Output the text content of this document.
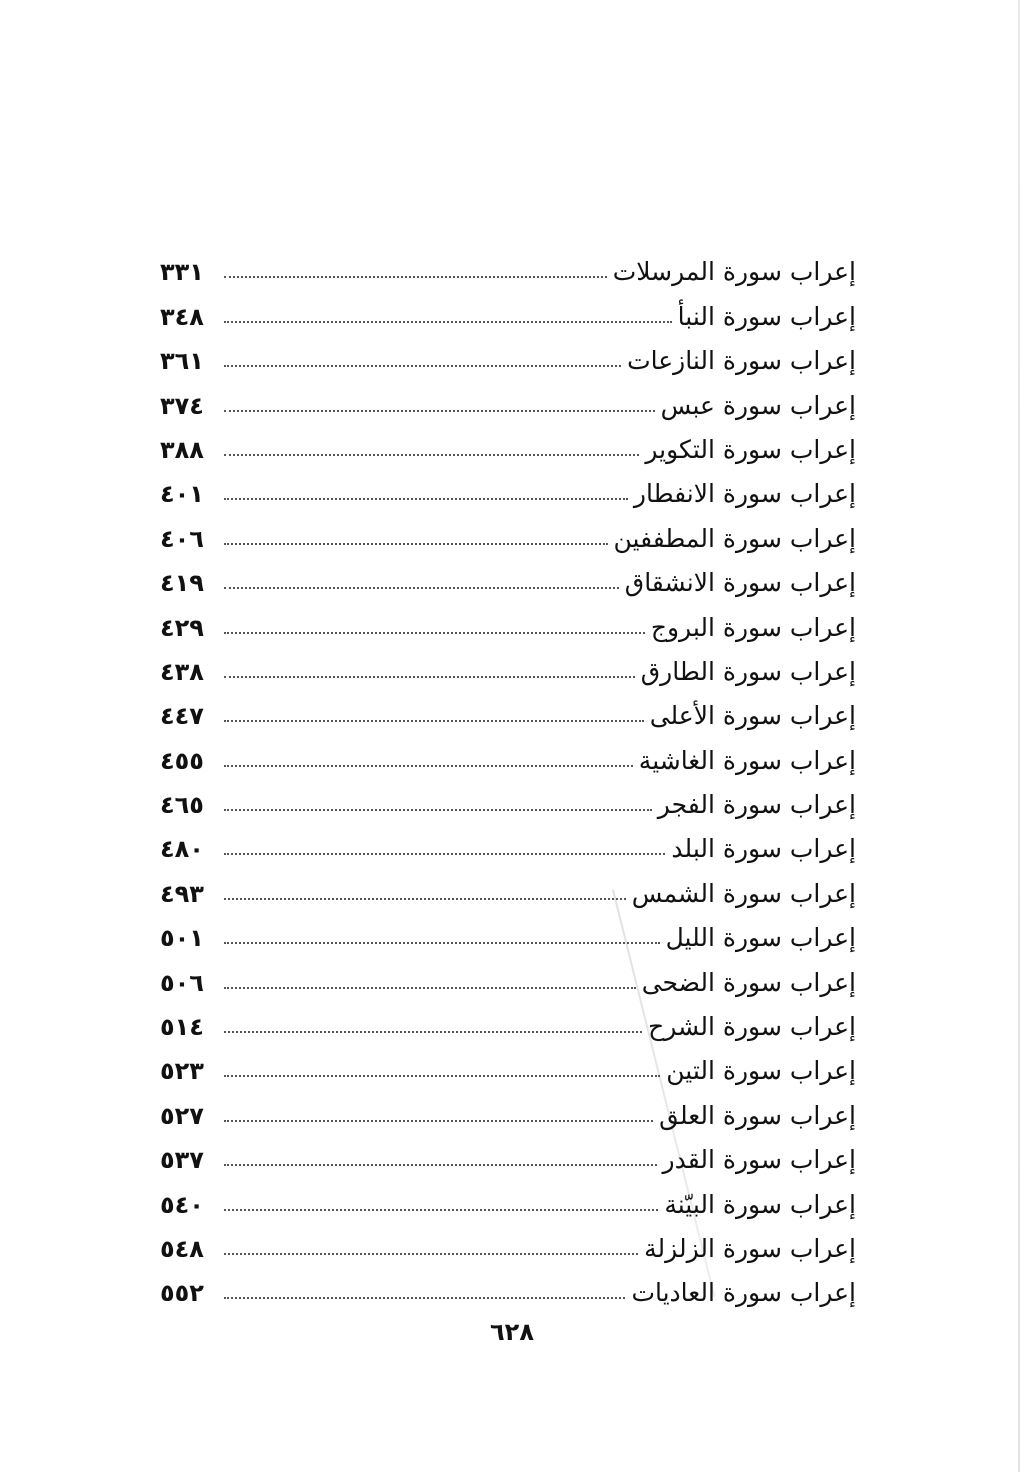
إعراب سورة المرسلات
٣٣١
إعراب سورة النبأ
٣٤٨
إعراب سورة النازعات
٣٦١
إعراب سورة عبس
٣٧٤
إعراب سورة التكوير
٣٨٨
إعراب سورة الانفطار
٤٠١
إعراب سورة المطففين
٤٠٦
إعراب سورة الانشقاق
٤١٩
إعراب سورة البروج
٤٢٩
إعراب سورة الطارق
٤٣٨
إعراب سورة الأعلى
٤٤٧
إعراب سورة الغاشية
٤٥٥
إعراب سورة الفجر
٤٦٥
إعراب سورة البلد
٤٨٠
إعراب سورة الشمس
٤٩٣
إعراب سورة الليل
٥٠١
إعراب سورة الضحى
٥٠٦
إعراب سورة الشرح
٥١٤
إعراب سورة التين
٥٢٣
إعراب سورة العلق
٥٢٧
إعراب سورة القدر
٥٣٧
إعراب سورة البيّنة
٥٤٠
إعراب سورة الزلزلة
٥٤٨
إعراب سورة العاديات
٥٥٢
٦٢٨
